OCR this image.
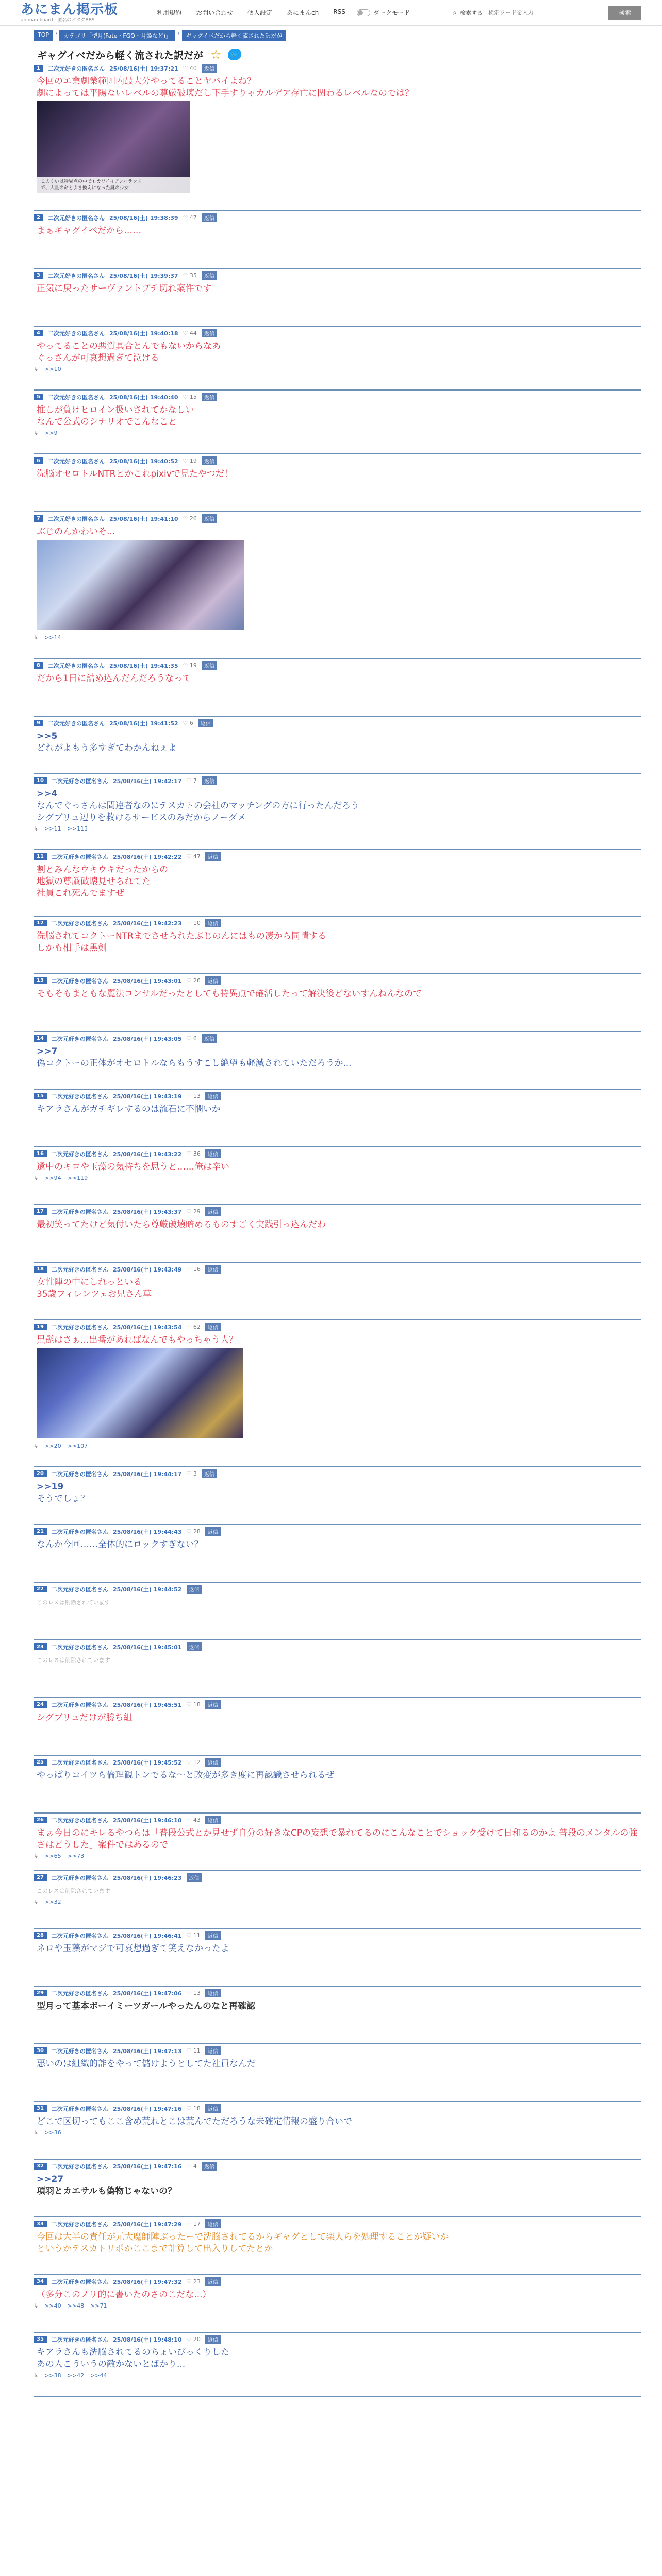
あにまん掲示板
animan board：匿名のオタクBBS
利用規約	お問い合わせ	個人設定	あにまんch	RSS	ダークモード	⌕ 検索する
検索ワードを入力	検索
TOP	›	カテゴリ「型月(Fate・FGO・月姫など)」	›	ギャグイベだから軽く流された訳だが
ギャグイベだから軽く流された訳だが ☆	🐦
1	二次元好きの匿名さん 25/08/16(土) 19:37:21	♡ 40	返信
今回のエ業劇業範囲内最大分やってることヤバイよね？
劇によっては平陽ないレベルの尊厳破壊だし下手すりゃカルデア存亡に関わるレベルなのでは？
このゆいは特異点の中でもカワイイアンバランス
で、大量の命と引き換えになった謎の少女
2	二次元好きの匿名さん 25/08/16(土) 19:38:39	♡ 47	返信
まぁギャグイベだから……
3	二次元好きの匿名さん 25/08/16(土) 19:39:37	♡ 35	返信
正気に戻ったサーヴァントブチ切れ案件です
4	二次元好きの匿名さん 25/08/16(土) 19:40:18	♡ 44	返信
やってることの悪質具合とんでもないからなあ
ぐっさんが可哀想過ぎて泣ける
↳ >>10
5	二次元好きの匿名さん 25/08/16(土) 19:40:40	♡ 15	返信
推しが負けヒロイン扱いされてかなしい
なんで公式のシナリオでこんなこと
↳ >>9
6	二次元好きの匿名さん 25/08/16(土) 19:40:52	♡ 19	返信
洗脳オセロトルNTRとかこれpixivで見たやつだ！
7	二次元好きの匿名さん 25/08/16(土) 19:41:10	♡ 26	返信
ぶじのんかわいそ...
↳ >>14
8	二次元好きの匿名さん 25/08/16(土) 19:41:35	♡ 19	返信
だから1日に詰め込んだんだろうなって
9	二次元好きの匿名さん 25/08/16(土) 19:41:52	♡ 6	返信
>>5
どれがよもう多すぎてわかんねぇよ
10	二次元好きの匿名さん 25/08/16(土) 19:42:17	♡ 7	返信
>>4
なんでぐっさんは間違者なのにテスカトの会社のマッチングの方に行ったんだろう
シグブリュ辺りを救けるサービスのみだからノーダメ
↳ >>11 >>113
11	二次元好きの匿名さん 25/08/16(土) 19:42:22	♡ 47	返信
割とみんなウキウキだったからの
地獄の尊厳破壊見せられてた
社員これ死んでますぜ
12	二次元好きの匿名さん 25/08/16(土) 19:42:23	♡ 10	返信
洗脳されてコクトーNTRまでさせられたぶじのんにはもの凄から同情する
しかも相手は黒剣
13	二次元好きの匿名さん 25/08/16(土) 19:43:01	♡ 26	返信
そもそもまともな麗法コンサルだったとしても特異点で確活したって解決後どないすんねんなので
14	二次元好きの匿名さん 25/08/16(土) 19:43:05	♡ 6	返信
>>7
偽コクトーの正体がオセロトルならもうすこし絶望も軽減されていただろうか...
15	二次元好きの匿名さん 25/08/16(土) 19:43:19	♡ 13	返信
キアラさんがガチギレするのは流石に不憫いか
16	二次元好きの匿名さん 25/08/16(土) 19:43:22	♡ 36	返信
還中のキロや玉藻の気持ちを思うと……俺は辛い
↳ >>94 >>119
17	二次元好きの匿名さん 25/08/16(土) 19:43:37	♡ 29	返信
最初笑ってたけど気付いたら尊厳破壊暗めるものすごく実践引っ込んだわ
18	二次元好きの匿名さん 25/08/16(土) 19:43:49	♡ 16	返信
女性陣の中にしれっといる
35歳フィレンツェお兄さん草
19	二次元好きの匿名さん 25/08/16(土) 19:43:54	♡ 62	返信
黒髭はさぁ...出番があればなんでもやっちゃう人？
↳ >>20 >>107
20	二次元好きの匿名さん 25/08/16(土) 19:44:17	♡ 3	返信
>>19
そうでしょ？
21	二次元好きの匿名さん 25/08/16(土) 19:44:43	♡ 28	返信
なんか今回……全体的にロックすぎない？
22	二次元好きの匿名さん 25/08/16(土) 19:44:52	返信
このレスは削除されています
23	二次元好きの匿名さん 25/08/16(土) 19:45:01	返信
このレスは削除されています
24	二次元好きの匿名さん 25/08/16(土) 19:45:51	♡ 18	返信
シグブリュだけが勝ち組
25	二次元好きの匿名さん 25/08/16(土) 19:45:52	♡ 12	返信
やっぱりコイツら倫理観トンでるな〜と改変が多き度に再認識させられるぜ
26	二次元好きの匿名さん 25/08/16(土) 19:46:10	♡ 43	返信
まぁ今日のにキレるやつらは「普段公式とか見せず自分の好きなCPの妄想で暴れてるのにこんなことでショック受けて日和るのかよ 普段のメンタルの強さはどうした」案件ではあるので
↳ >>65 >>73
27	二次元好きの匿名さん 25/08/16(土) 19:46:23	返信
このレスは削除されています
↳ >>32
28	二次元好きの匿名さん 25/08/16(土) 19:46:41	♡ 11	返信
ネロや玉藻がマジで可哀想過ぎて笑えなかったよ
29	二次元好きの匿名さん 25/08/16(土) 19:47:06	♡ 13	返信
型月って基本ボーイミーツガールやったんのなと再確認
30	二次元好きの匿名さん 25/08/16(土) 19:47:13	♡ 11	返信
悪いのは組織的詐をやって儲けようとしてた社員なんだ
31	二次元好きの匿名さん 25/08/16(土) 19:47:16	♡ 18	返信
どこで区切ってもここ含め荒れとこは荒んでただろうな未確定情報の盛り合いで
↳ >>36
32	二次元好きの匿名さん 25/08/16(土) 19:47:16	♡ 4	返信
>>27
項羽とカエサルも偽物じゃないの？
33	二次元好きの匿名さん 25/08/16(土) 19:47:29	♡ 17	返信
今回は大半の責任が元大魔師陣ぶったーで洗脳されてるからギャグとして楽人らを処理することが疑いか
というかテスカトリポかここまで計算して出入りしてたとか
34	二次元好きの匿名さん 25/08/16(土) 19:47:32	♡ 23	返信
（多分このノリ的に書いたのさのこだな...）
↳ >>40 >>48 >>71
35	二次元好きの匿名さん 25/08/16(土) 19:48:10	♡ 20	返信
キアラさんも洗脳されてるのちょいびっくりした
あの人こういうの敵かないとばかり...
↳ >>38 >>42 >>44
